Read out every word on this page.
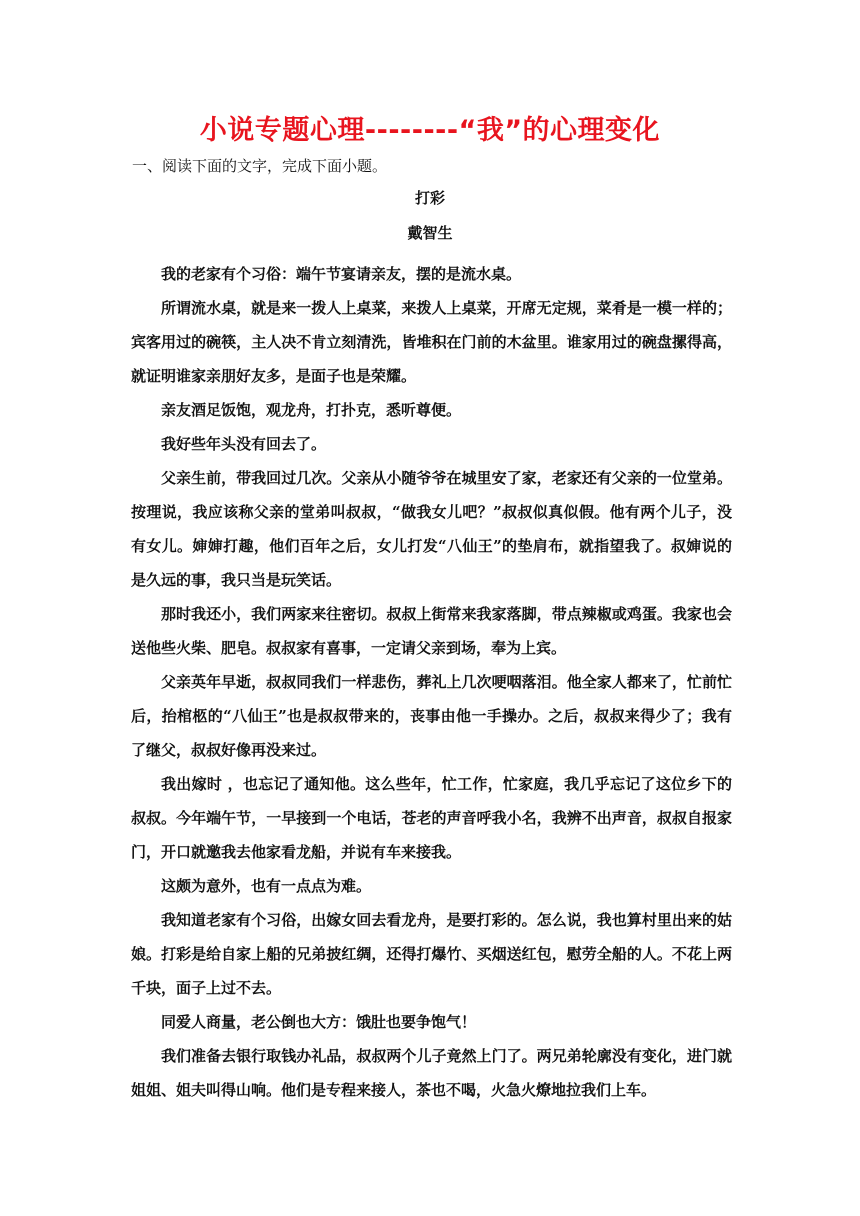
小说专题心理--------“我”的心理变化
一、阅读下面的文字，完成下面小题。
打彩
戴智生

我的老家有个习俗：端午节宴请亲友，摆的是流水桌。

所谓流水桌，就是来一拨人上桌菜，来拨人上桌菜，开席无定规，菜肴是一模一样的；宾客用过的碗筷，主人决不肯立刻清洗，皆堆积在门前的木盆里。谁家用过的碗盘摞得高，就证明谁家亲朋好友多，是面子也是荣耀。

亲友酒足饭饱，观龙舟，打扑克，悉听尊便。

我好些年头没有回去了。

父亲生前，带我回过几次。父亲从小随爷爷在城里安了家，老家还有父亲的一位堂弟。按理说，我应该称父亲的堂弟叫叔叔，“做我女儿吧？”叔叔似真似假。他有两个儿子，没有女儿。婶婶打趣，他们百年之后，女儿打发“八仙王”的垫肩布，就指望我了。叔婶说的是久远的事，我只当是玩笑话。

那时我还小，我们两家来往密切。叔叔上街常来我家落脚，带点辣椒或鸡蛋。我家也会送他些火柴、肥皂。叔叔家有喜事，一定请父亲到场，奉为上宾。

父亲英年早逝，叔叔同我们一样悲伤，葬礼上几次哽咽落泪。他全家人都来了，忙前忙后，抬棺柩的“八仙王”也是叔叔带来的，丧事由他一手操办。之后，叔叔来得少了；我有了继父，叔叔好像再没来过。

我出嫁时 ，也忘记了通知他。这么些年，忙工作，忙家庭，我几乎忘记了这位乡下的叔叔。今年端午节，一早接到一个电话，苍老的声音呼我小名，我辨不出声音，叔叔自报家门，开口就邀我去他家看龙船，并说有车来接我。

这颇为意外，也有一点点为难。

我知道老家有个习俗，出嫁女回去看龙舟，是要打彩的。怎么说，我也算村里出来的姑娘。打彩是给自家上船的兄弟披红绸，还得打爆竹、买烟送红包，慰劳全船的人。不花上两千块，面子上过不去。

同爱人商量，老公倒也大方：饿肚也要争饱气！

我们准备去银行取钱办礼品，叔叔两个儿子竟然上门了。两兄弟轮廓没有变化，进门就姐姐、姐夫叫得山响。他们是专程来接人，茶也不喝，火急火燎地拉我们上车。
